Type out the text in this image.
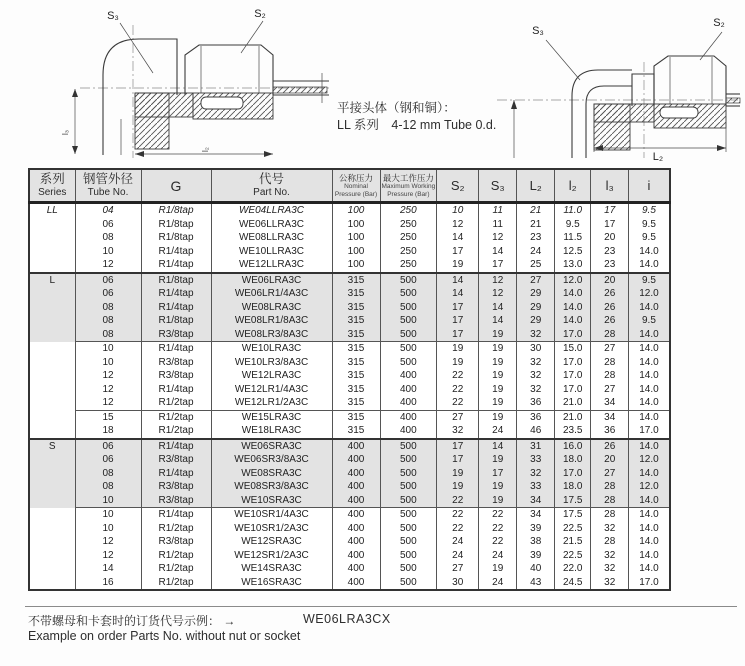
S₃	S₂
l₃
l₂
S₃
S₂
L₂
平接头体（钢和铜）：
LL 系列　4-12 mm Tube 0.d.
系列
Series

钢管外径
Tube No.	G	代号
Part No.

公称压力
Nominal
Pressure (Bar)

最大工作压力
Maximum Working
Pressure (Bar)
	S₂	S₃	L₂	l₂	l₃	i
LL	04	R1/8tap	WE04LLRA3C	100	250	10	11	21	11.0	17	9.5
	06	R1/8tap	WE06LLRA3C	100	250	12	11	21	9.5	17	9.5
	08	R1/8tap	WE08LLRA3C	100	250	14	12	23	11.5	20	9.5
	10	R1/4tap	WE10LLRA3C	100	250	17	14	24	12.5	23	14.0
	12	R1/4tap	WE12LLRA3C	100	250	19	17	25	13.0	23	14.0
L	06	R1/8tap	WE06LRA3C	315	500	14	12	27	12.0	20	9.5
	06	R1/4tap	WE06LR1/4A3C	315	500	14	12	29	14.0	26	12.0
	08	R1/4tap	WE08LRA3C	315	500	17	14	29	14.0	26	14.0
	08	R1/8tap	WE08LR1/8A3C	315	500	17	14	29	14.0	26	9.5
	08	R3/8tap	WE08LR3/8A3C	315	500	17	19	32	17.0	28	14.0
	10	R1/4tap	WE10LRA3C	315	500	19	19	30	15.0	27	14.0
	10	R3/8tap	WE10LR3/8A3C	315	500	19	19	32	17.0	28	14.0
	12	R3/8tap	WE12LRA3C	315	400	22	19	32	17.0	28	14.0
	12	R1/4tap	WE12LR1/4A3C	315	400	22	19	32	17.0	27	14.0
	12	R1/2tap	WE12LR1/2A3C	315	400	22	19	36	21.0	34	14.0
	15	R1/2tap	WE15LRA3C	315	400	27	19	36	21.0	34	14.0
	18	R1/2tap	WE18LRA3C	315	400	32	24	46	23.5	36	17.0
S	06	R1/4tap	WE06SRA3C	400	500	17	14	31	16.0	26	14.0
	06	R3/8tap	WE06SR3/8A3C	400	500	17	19	33	18.0	20	12.0
	08	R1/4tap	WE08SRA3C	400	500	19	17	32	17.0	27	14.0
	08	R3/8tap	WE08SR3/8A3C	400	500	19	19	33	18.0	28	12.0
	10	R3/8tap	WE10SRA3C	400	500	22	19	34	17.5	28	14.0
	10	R1/4tap	WE10SR1/4A3C	400	500	22	22	34	17.5	28	14.0
	10	R1/2tap	WE10SR1/2A3C	400	500	22	22	39	22.5	32	14.0
	12	R3/8tap	WE12SRA3C	400	500	24	22	38	21.5	28	14.0
	12	R1/2tap	WE12SR1/2A3C	400	500	24	24	39	22.5	32	14.0
	14	R1/2tap	WE14SRA3C	400	500	27	19	40	22.0	32	14.0
	16	R1/2tap	WE16SRA3C	400	500	30	24	43	24.5	32	17.0
不带螺母和卡套时的订货代号示例： →	WE06LRA3CX
Example on order Parts No. without nut or socket
